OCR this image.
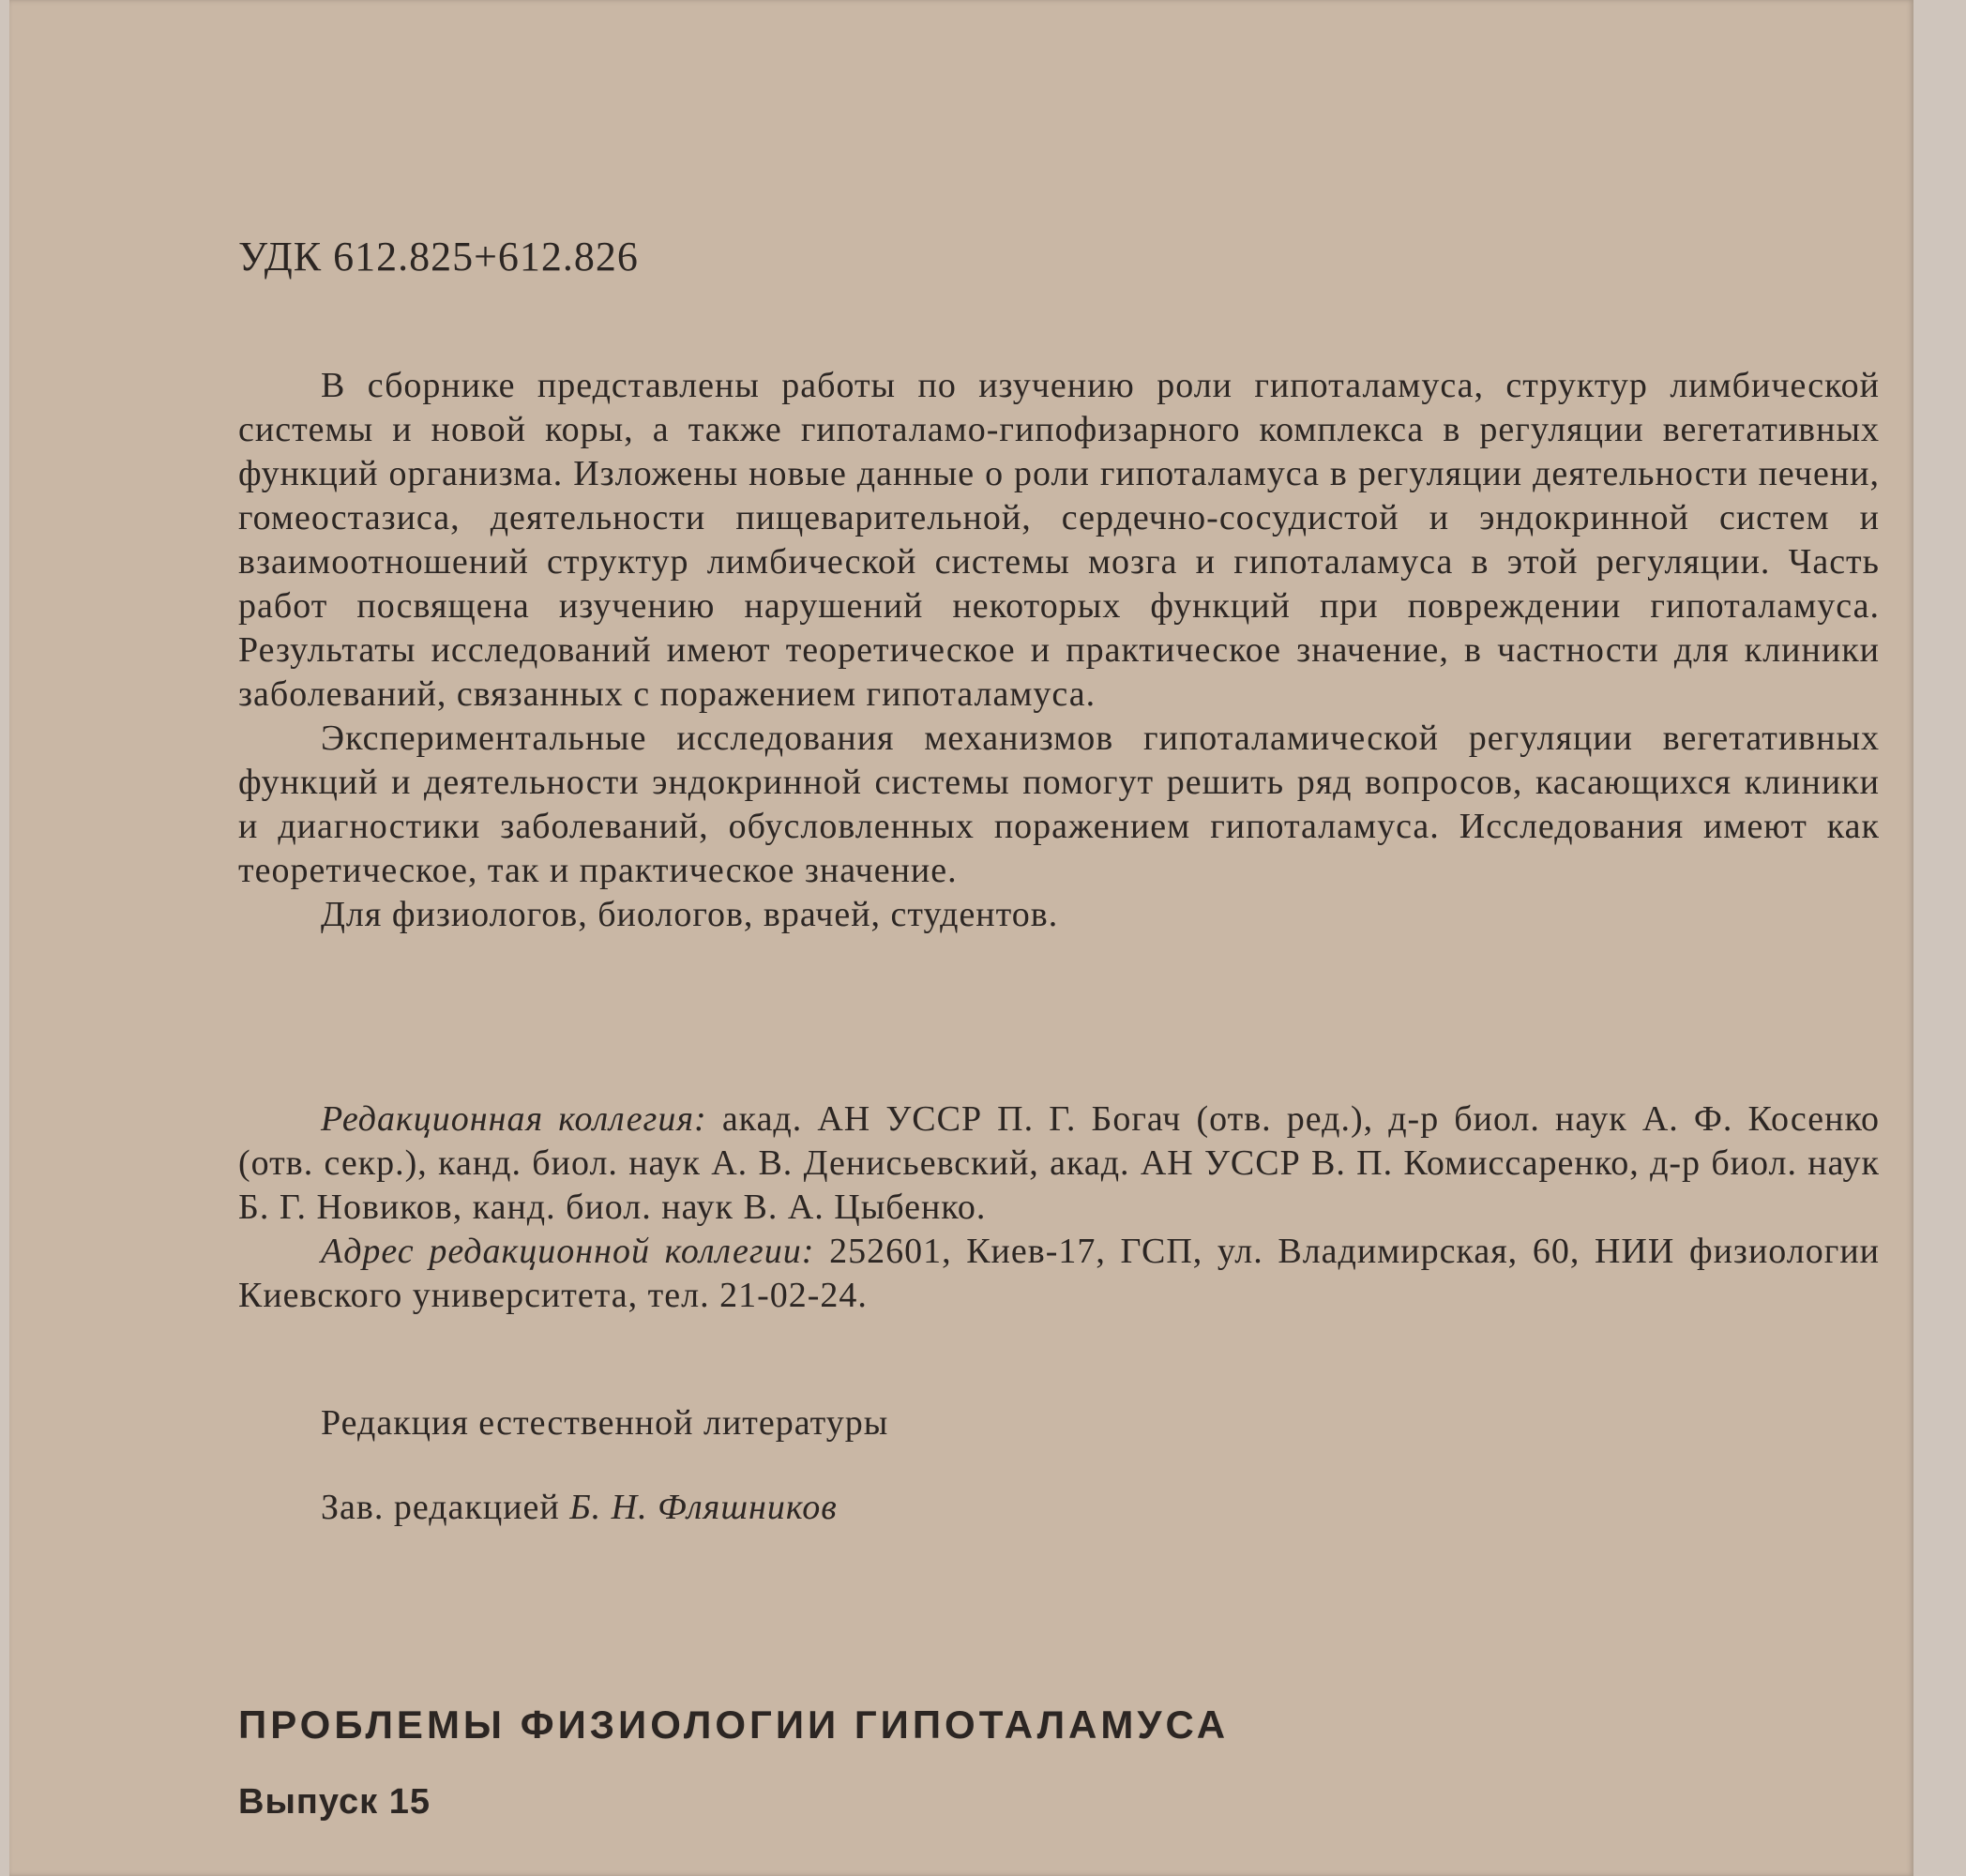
УДК 612.825+612.826

В сборнике представлены работы по изучению роли гипоталамуса, структур лимбической системы и новой коры, а также гипоталамо-гипофизарного комплекса в регуляции вегетативных функций организма. Изложены новые данные о роли гипоталамуса в регуляции деятельности печени, гомеостазиса, деятельности пищеварительной, сердечно-сосудистой и эндокринной систем и взаимоотношений структур лимбической системы мозга и гипоталамуса в этой регуляции. Часть работ посвящена изучению нарушений некоторых функций при повреждении гипоталамуса. Результаты исследований имеют теоретическое и практическое значение, в частности для клиники заболеваний, связанных с поражением гипоталамуса.

Экспериментальные исследования механизмов гипоталамической регуляции вегетативных функций и деятельности эндокринной системы помогут решить ряд вопросов, касающихся клиники и диагностики заболеваний, обусловленных поражением гипоталамуса. Исследования имеют как теоретическое, так и практическое значение.

Для физиологов, биологов, врачей, студентов.

Редакционная коллегия: акад. АН УССР П. Г. Богач (отв. ред.), д-р биол. наук А. Ф. Косенко (отв. секр.), канд. биол. наук А. В. Денисьевский, акад. АН УССР В. П. Комиссаренко, д-р биол. наук Б. Г. Новиков, канд. биол. наук В. А. Цыбенко.

Адрес редакционной коллегии: 252601, Киев-17, ГСП, ул. Владимирская, 60, НИИ физиологии Киевского университета, тел. 21-02-24.

Редакция естественной литературы
Зав. редакцией Б. Н. Фляшников
ПРОБЛЕМЫ ФИЗИОЛОГИИ ГИПОТАЛАМУСА
Выпуск 15
